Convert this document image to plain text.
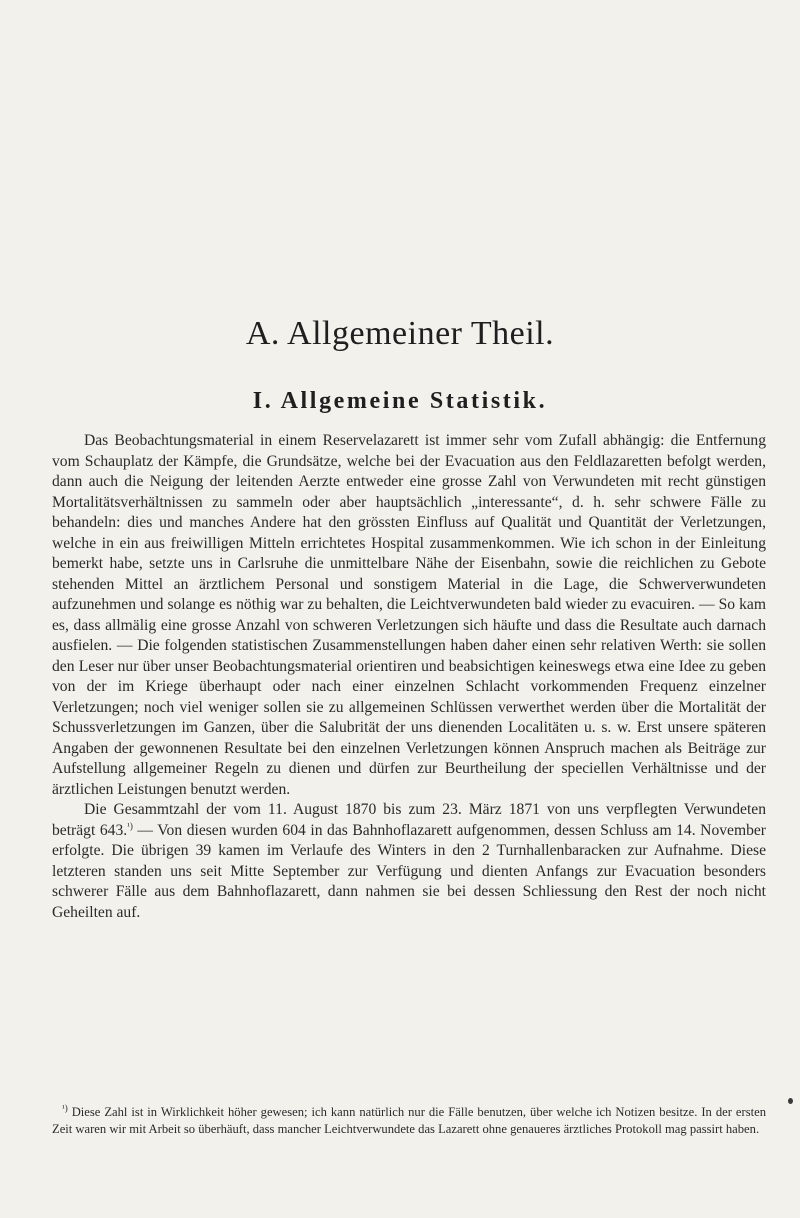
A. Allgemeiner Theil.
I. Allgemeine Statistik.

Das Beobachtungsmaterial in einem Reservelazarett ist immer sehr vom Zufall abhängig: die Entfernung vom Schauplatz der Kämpfe, die Grundsätze, welche bei der Evacuation aus den Feldlazaretten befolgt werden, dann auch die Neigung der leitenden Aerzte entweder eine grosse Zahl von Verwundeten mit recht günstigen Mortalitätsverhältnissen zu sammeln oder aber hauptsächlich „interessante“, d. h. sehr schwere Fälle zu behandeln: dies und manches Andere hat den grössten Einfluss auf Qualität und Quantität der Verletzungen, welche in ein aus freiwilligen Mitteln errichtetes Hospital zusammenkommen. Wie ich schon in der Einleitung bemerkt habe, setzte uns in Carlsruhe die unmittelbare Nähe der Eisenbahn, sowie die reichlichen zu Gebote stehenden Mittel an ärztlichem Personal und sonstigem Material in die Lage, die Schwerverwundeten aufzunehmen und solange es nöthig war zu behalten, die Leichtverwundeten bald wieder zu evacuiren. — So kam es, dass allmälig eine grosse Anzahl von schweren Verletzungen sich häufte und dass die Resultate auch darnach ausfielen. — Die folgenden statistischen Zusammenstellungen haben daher einen sehr relativen Werth: sie sollen den Leser nur über unser Beobachtungsmaterial orientiren und beabsichtigen keineswegs etwa eine Idee zu geben von der im Kriege überhaupt oder nach einer einzelnen Schlacht vorkommenden Frequenz einzelner Verletzungen; noch viel weniger sollen sie zu allgemeinen Schlüssen verwerthet werden über die Mortalität der Schussverletzungen im Ganzen, über die Salubrität der uns dienenden Localitäten u. s. w. Erst unsere späteren Angaben der gewonnenen Resultate bei den einzelnen Verletzungen können Anspruch machen als Beiträge zur Aufstellung allgemeiner Regeln zu dienen und dürfen zur Beurtheilung der speciellen Verhältnisse und der ärztlichen Leistungen benutzt werden.

Die Gesammtzahl der vom 11. August 1870 bis zum 23. März 1871 von uns verpflegten Verwundeten beträgt 643.$^{^1)}$ — Von diesen wurden 604 in das Bahnhoflazarett aufgenommen, dessen Schluss am 14. November erfolgte. Die übrigen 39 kamen im Verlaufe des Winters in den 2 Turnhallenbaracken zur Aufnahme. Diese letzteren standen uns seit Mitte September zur Verfügung und dienten Anfangs zur Evacuation besonders schwerer Fälle aus dem Bahnhoflazarett, dann nahmen sie bei dessen Schliessung den Rest der noch nicht Geheilten auf.

$^{^1)}$ Diese Zahl ist in Wirklichkeit höher gewesen; ich kann natürlich nur die Fälle benutzen, über welche ich Notizen besitze. In der ersten Zeit waren wir mit Arbeit so überhäuft, dass mancher Leichtverwundete das Lazarett ohne genaueres ärztliches Protokoll mag passirt haben.
